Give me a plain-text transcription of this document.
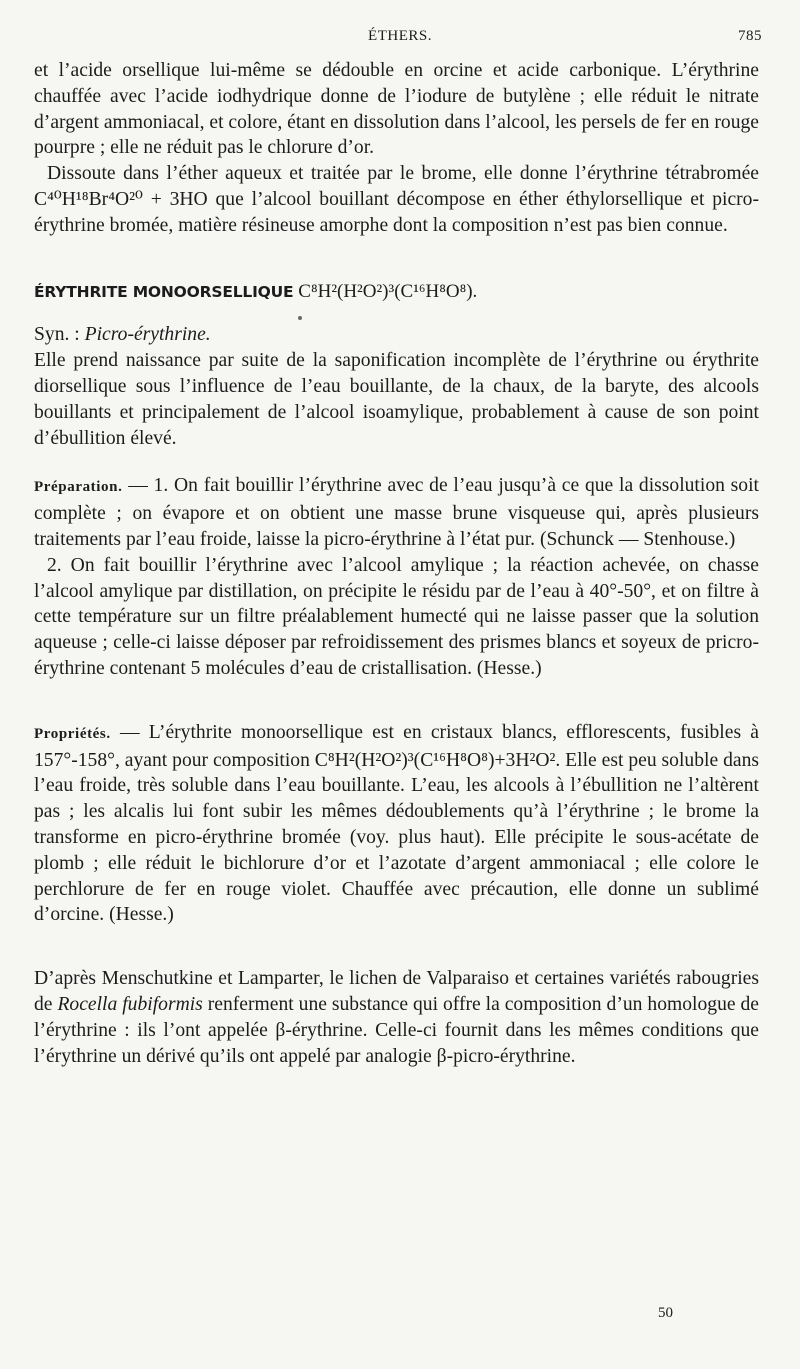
ÉTHERS.	785

et l’acide orsellique lui-même se dédouble en orcine et acide carbonique. L’érythrine chauffée avec l’acide iodhydrique donne de l’iodure de butylène ; elle réduit le nitrate d’argent ammoniacal, et colore, étant en dissolution dans l’alcool, les persels de fer en rouge pourpre ; elle ne réduit pas le chlorure d’or.

Dissoute dans l’éther aqueux et traitée par le brome, elle donne l’érythrine tétrabromée C⁴⁰H¹⁸Br⁴O²⁰ + 3HO que l’alcool bouillant décompose en éther éthylorsellique et picro-érythrine bromée, matière résineuse amorphe dont la composition n’est pas bien connue.

ÉRYTHRITE MONOORSELLIQUE C⁸H²(H²O²)³(C¹⁶H⁸O⁸).

Syn. : Picro-érythrine.

Elle prend naissance par suite de la saponification incomplète de l’érythrine ou érythrite diorsellique sous l’influence de l’eau bouillante, de la chaux, de la baryte, des alcools bouillants et principalement de l’alcool isoamylique, probablement à cause de son point d’ébullition élevé.

Préparation. — 1. On fait bouillir l’érythrine avec de l’eau jusqu’à ce que la dissolution soit complète ; on évapore et on obtient une masse brune visqueuse qui, après plusieurs traitements par l’eau froide, laisse la picro-érythrine à l’état pur. (Schunck — Stenhouse.)

2. On fait bouillir l’érythrine avec l’alcool amylique ; la réaction achevée, on chasse l’alcool amylique par distillation, on précipite le résidu par de l’eau à 40°-50°, et on filtre à cette température sur un filtre préalablement humecté qui ne laisse passer que la solution aqueuse ; celle-ci laisse déposer par refroidissement des prismes blancs et soyeux de pricro-érythrine contenant 5 molécules d’eau de cristallisation. (Hesse.)

Propriétés. — L’érythrite monoorsellique est en cristaux blancs, efflorescents, fusibles à 157°-158°, ayant pour composition C⁸H²(H²O²)³(C¹⁶H⁸O⁸)+3H²O². Elle est peu soluble dans l’eau froide, très soluble dans l’eau bouillante. L’eau, les alcools à l’ébullition ne l’altèrent pas ; les alcalis lui font subir les mêmes dédoublements qu’à l’érythrine ; le brome la transforme en picro-érythrine bromée (voy. plus haut). Elle précipite le sous-acétate de plomb ; elle réduit le bichlorure d’or et l’azotate d’argent ammoniacal ; elle colore le perchlorure de fer en rouge violet. Chauffée avec précaution, elle donne un sublimé d’orcine. (Hesse.)

D’après Menschutkine et Lamparter, le lichen de Valparaiso et certaines variétés rabougries de Rocella fubiformis renferment une substance qui offre la composition d’un homologue de l’érythrine : ils l’ont appelée β-érythrine. Celle-ci fournit dans les mêmes conditions que l’érythrine un dérivé qu’ils ont appelé par analogie β-picro-érythrine.

50
